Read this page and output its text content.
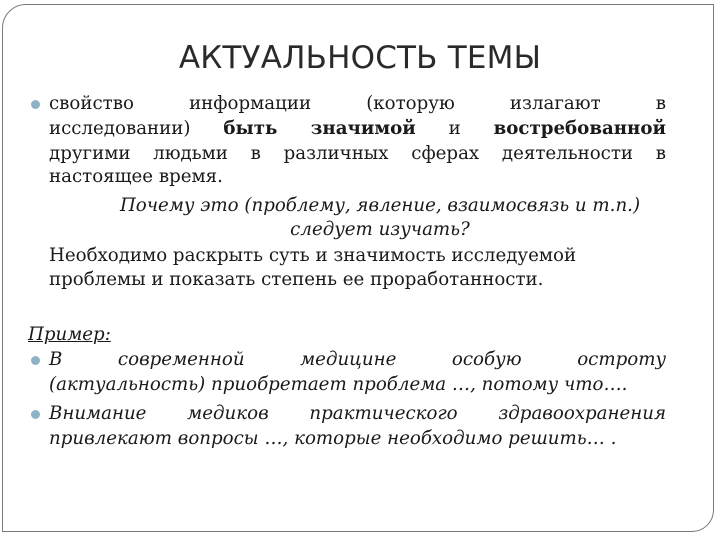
АКТУАЛЬНОСТЬ ТЕМЫ
свойство информации (которую излагают в
исследовании) быть значимой и востребованной
другими людьми в различных сферах деятельности в
настоящее время.
Почему это (проблему, явление, взаимосвязь и т.п.)
следует изучать?
Необходимо раскрыть суть и значимость исследуемой
проблемы и показать степень ее проработанности.
Пример:
В современной медицине особую остроту
(актуальность) приобретает проблема …, потому что….
Внимание медиков практического здравоохранения
привлекают вопросы …, которые необходимо решить… .
